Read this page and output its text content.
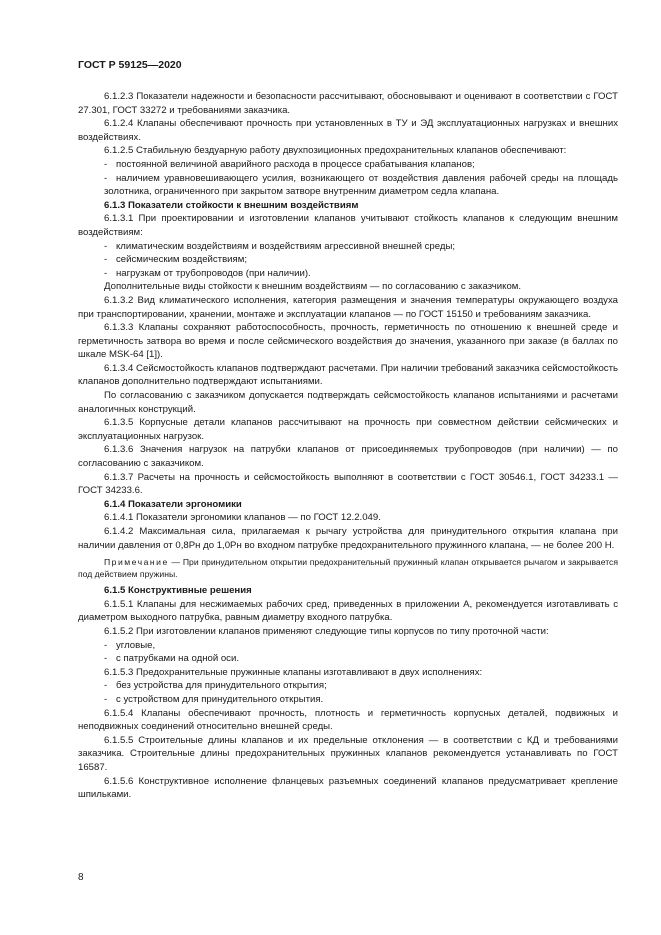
ГОСТ Р 59125—2020

6.1.2.3 Показатели надежности и безопасности рассчитывают, обосновывают и оценивают в соответствии с ГОСТ 27.301, ГОСТ 33272 и требованиями заказчика.

6.1.2.4 Клапаны обеспечивают прочность при установленных в ТУ и ЭД эксплуатационных нагрузках и внешних воздействиях.

6.1.2.5 Стабильную бездуарную работу двухпозиционных предохранительных клапанов обеспечивают:

- постоянной величиной аварийного расхода в процессе срабатывания клапанов;

- наличием уравновешивающего усилия, возникающего от воздействия давления рабочей среды на площадь золотника, ограниченного при закрытом затворе внутренним диаметром седла клапана.

6.1.3 Показатели стойкости к внешним воздействиям

6.1.3.1 При проектировании и изготовлении клапанов учитывают стойкость клапанов к следующим внешним воздействиям:

- климатическим воздействиям и воздействиям агрессивной внешней среды;

- сейсмическим воздействиям;

- нагрузкам от трубопроводов (при наличии).

Дополнительные виды стойкости к внешним воздействиям — по согласованию с заказчиком.

6.1.3.2 Вид климатического исполнения, категория размещения и значения температуры окружающего воздуха при транспортировании, хранении, монтаже и эксплуатации клапанов — по ГОСТ 15150 и требованиям заказчика.

6.1.3.3 Клапаны сохраняют работоспособность, прочность, герметичность по отношению к внешней среде и герметичность затвора во время и после сейсмического воздействия до значения, указанного при заказе (в баллах по шкале MSK-64 [1]).

6.1.3.4 Сейсмостойкость клапанов подтверждают расчетами. При наличии требований заказчика сейсмостойкость клапанов дополнительно подтверждают испытаниями.

По согласованию с заказчиком допускается подтверждать сейсмостойкость клапанов испытаниями и расчетами аналогичных конструкций.

6.1.3.5 Корпусные детали клапанов рассчитывают на прочность при совместном действии сейсмических и эксплуатационных нагрузок.

6.1.3.6 Значения нагрузок на патрубки клапанов от присоединяемых трубопроводов (при наличии) — по согласованию с заказчиком.

6.1.3.7 Расчеты на прочность и сейсмостойкость выполняют в соответствии с ГОСТ 30546.1, ГОСТ 34233.1 — ГОСТ 34233.6.

6.1.4 Показатели эргономики

6.1.4.1 Показатели эргономики клапанов — по ГОСТ 12.2.049.

6.1.4.2 Максимальная сила, прилагаемая к рычагу устройства для принудительного открытия клапана при наличии давления от 0,8Pн до 1,0Pн во входном патрубке предохранительного пружинного клапана, — не более 200 Н.

Примечание — При принудительном открытии предохранительный пружинный клапан открывается рычагом и закрывается под действием пружины.

6.1.5 Конструктивные решения

6.1.5.1 Клапаны для несжимаемых рабочих сред, приведенных в приложении А, рекомендуется изготавливать с диаметром выходного патрубка, равным диаметру входного патрубка.

6.1.5.2 При изготовлении клапанов применяют следующие типы корпусов по типу проточной части:

- угловые,

- с патрубками на одной оси.

6.1.5.3 Предохранительные пружинные клапаны изготавливают в двух исполнениях:

- без устройства для принудительного открытия;

- с устройством для принудительного открытия.

6.1.5.4 Клапаны обеспечивают прочность, плотность и герметичность корпусных деталей, подвижных и неподвижных соединений относительно внешней среды.

6.1.5.5 Строительные длины клапанов и их предельные отклонения — в соответствии с КД и требованиями заказчика. Строительные длины предохранительных пружинных клапанов рекомендуется устанавливать по ГОСТ 16587.

6.1.5.6 Конструктивное исполнение фланцевых разъемных соединений клапанов предусматривает крепление шпильками.

8
